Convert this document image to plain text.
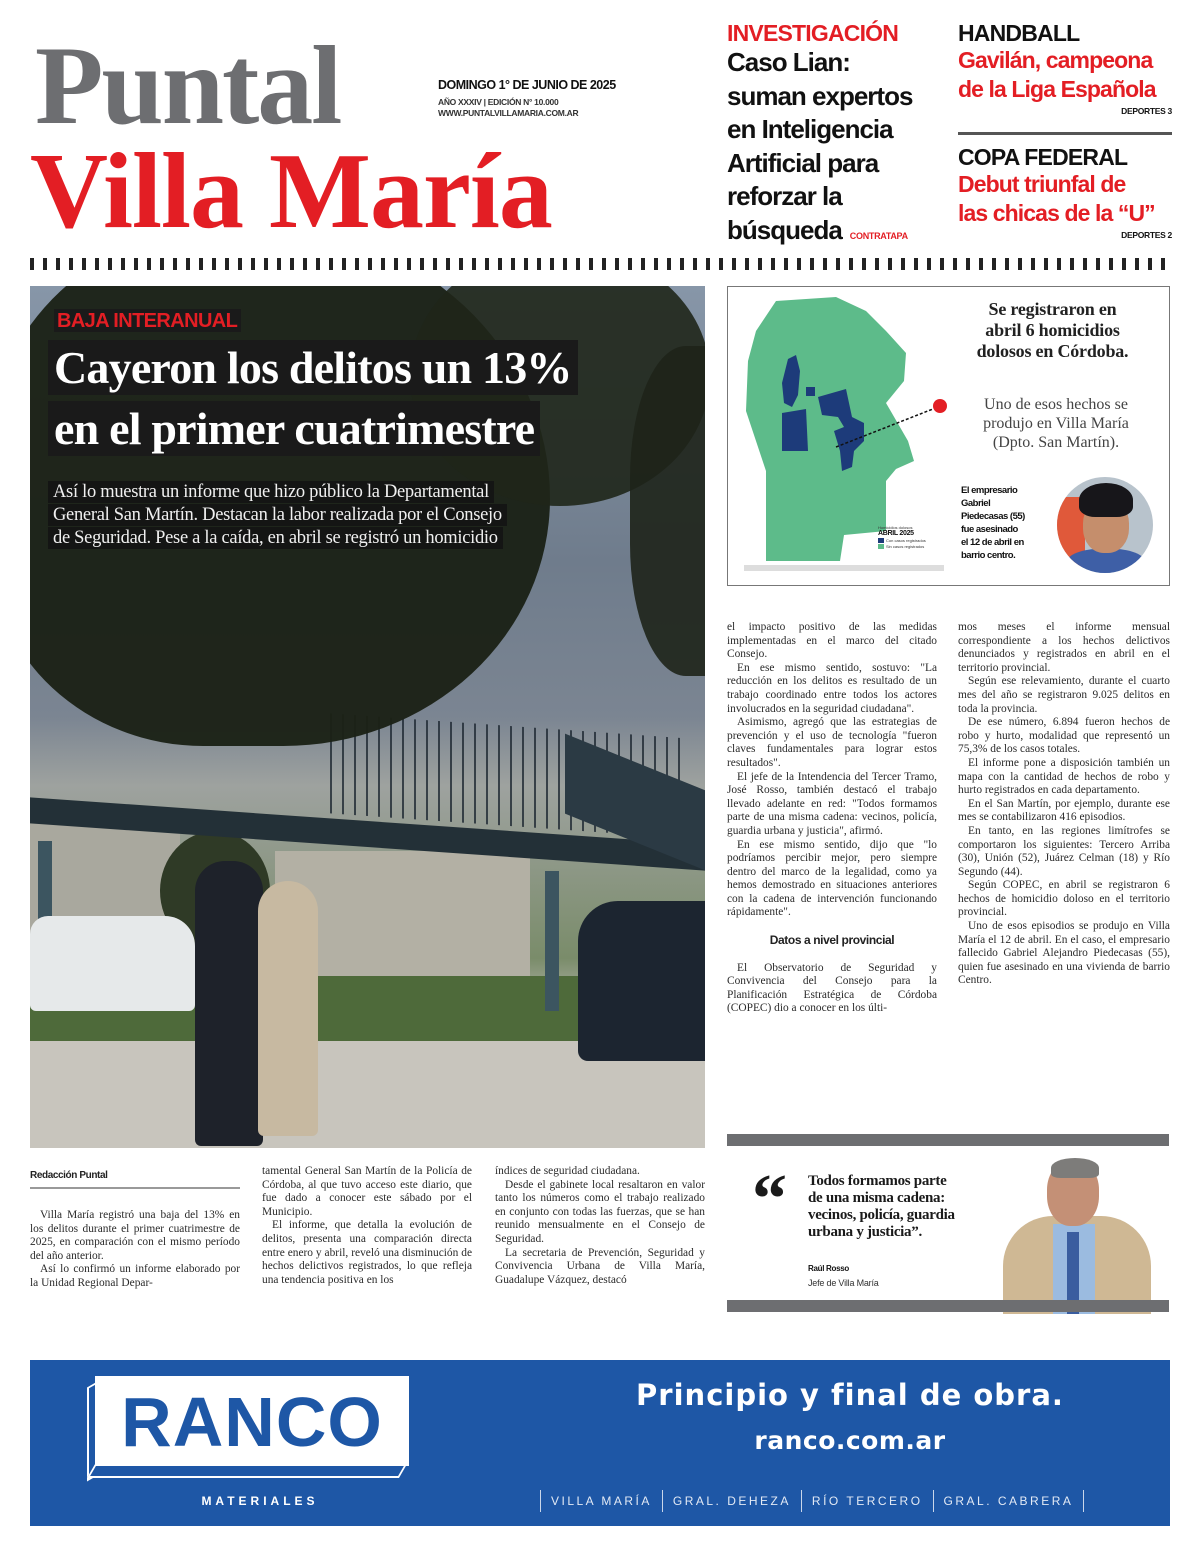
Puntal
Villa María
DOMINGO 1° DE JUNIO DE 2025
AÑO XXXIV | EDICIÓN N° 10.000
WWW.PUNTALVILLAMARIA.COM.AR
INVESTIGACIÓN
Caso Lian:
suman expertos
en Inteligencia
Artificial para
reforzar la
búsqueda CONTRATAPA
HANDBALL
Gavilán, campeona
de la Liga Española
DEPORTES 3
COPA FEDERAL
Debut triunfal de
las chicas de la “U”
DEPORTES 2
BAJA INTERANUAL
Cayeron los delitos un 13%
en el primer cuatrimestre
Así lo muestra un informe que hizo público la Departamental
General San Martín. Destacan la labor realizada por el Consejo
de Seguridad. Pese a la caída, en abril se registró un homicidio
Homicidios dolosos
ABRIL 2025
Con casos registrados
Sin casos registrados
Se registraron en
abril 6 homicidios
dolosos en Córdoba.
Uno de esos hechos se
produjo en Villa María
(Dpto. San Martín).
El empresario
Gabriel
Piedecasas (55)
fue asesinado
el 12 de abril en
barrio centro.

el impacto positivo de las medidas implementadas en el marco del citado Consejo.

En ese mismo sentido, sostuvo: "La reducción en los delitos es resultado de un trabajo coordinado entre todos los actores involucrados en la seguridad ciudadana".

Asimismo, agregó que las estrategias de prevención y el uso de tecnología "fueron claves fundamentales para lograr estos resultados".

El jefe de la Intendencia del Tercer Tramo, José Rosso, también destacó el trabajo llevado adelante en red: "Todos formamos parte de una misma cadena: vecinos, policía, guardia urbana y justicia", afirmó.

En ese mismo sentido, dijo que "lo podríamos percibir mejor, pero siempre dentro del marco de la legalidad, como ya hemos demostrado en situaciones anteriores con la cadena de intervención funcionando rápidamente".

Datos a nivel provincial

El Observatorio de Seguridad y Convivencia del Consejo para la Planificación Estratégica de Córdoba (COPEC) dio a conocer en los últi-

mos meses el informe mensual correspondiente a los hechos delictivos denunciados y registrados en abril en el territorio provincial.

Según ese relevamiento, durante el cuarto mes del año se registraron 9.025 delitos en toda la provincia.

De ese número, 6.894 fueron hechos de robo y hurto, modalidad que representó un 75,3% de los casos totales.

El informe pone a disposición también un mapa con la cantidad de hechos de robo y hurto registrados en cada departamento.

En el San Martín, por ejemplo, durante ese mes se contabilizaron 416 episodios.

En tanto, en las regiones limítrofes se comportaron los siguientes: Tercero Arriba (30), Unión (52), Juárez Celman (18) y Río Segundo (44).

Según COPEC, en abril se registraron 6 hechos de homicidio doloso en el territorio provincial.

Uno de esos episodios se produjo en Villa María el 12 de abril. En el caso, el empresario fallecido Gabriel Alejandro Piedecasas (55), quien fue asesinado en una vivienda de barrio Centro.

Redacción Puntal

Villa María registró una baja del 13% en los delitos durante el primer cuatrimestre de 2025, en comparación con el mismo período del año anterior.

Así lo confirmó un informe elaborado por la Unidad Regional Depar-

tamental General San Martín de la Policía de Córdoba, al que tuvo acceso este diario, que fue dado a conocer este sábado por el Municipio.

El informe, que detalla la evolución de delitos, presenta una comparación directa entre enero y abril, reveló una disminución de hechos delictivos registrados, lo que refleja una tendencia positiva en los

índices de seguridad ciudadana.

Desde el gabinete local resaltaron en valor tanto los números como el trabajo realizado en conjunto con todas las fuerzas, que se han reunido mensualmente en el Consejo de Seguridad.

La secretaria de Prevención, Seguridad y Convivencia Urbana de Villa María, Guadalupe Vázquez, destacó

“ Todos formamos parte
de una misma cadena:
vecinos, policía, guardia
urbana y justicia”.
Raúl Rosso
Jefe de Villa María
RANCO
MATERIALES
Principio y final de obra.
ranco.com.ar
VILLA MARÍA	GRAL. DEHEZA	RÍO TERCERO	GRAL. CABRERA
